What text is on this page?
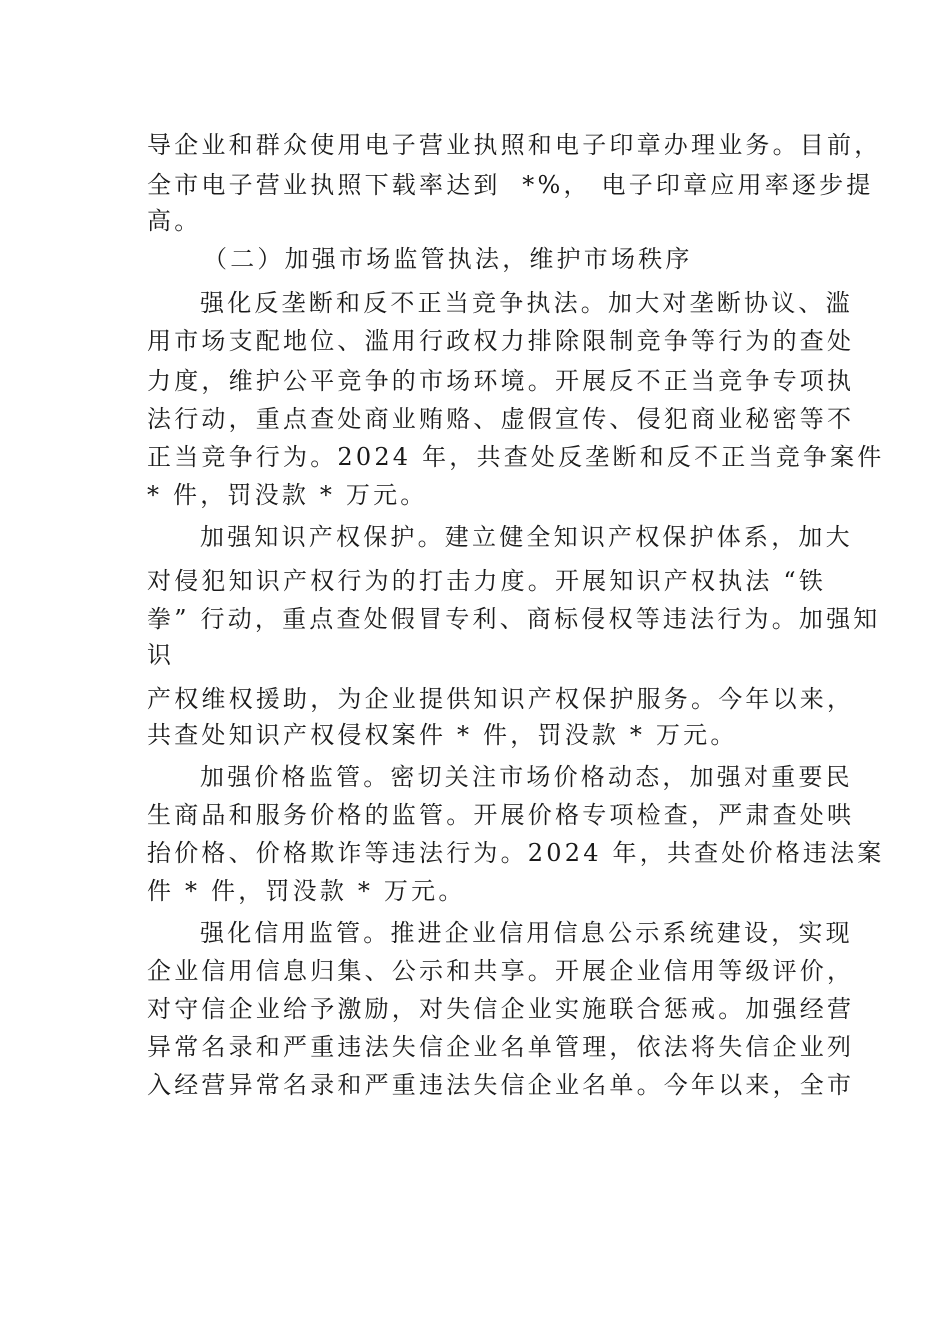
导企业和群众使用电子营业执照和电子印章办理业务。目前，
全市电子营业执照下载率达到  *%， 电子印章应用率逐步提
高。
（二）加强市场监管执法，维护市场秩序
强化反垄断和反不正当竞争执法。加大对垄断协议、滥
用市场支配地位、滥用行政权力排除限制竞争等行为的查处
力度，维护公平竞争的市场环境。开展反不正当竞争专项执
法行动，重点查处商业贿赂、虚假宣传、侵犯商业秘密等不
正当竞争行为。2024 年，共查处反垄断和反不正当竞争案件
* 件，罚没款 * 万元。
加强知识产权保护。建立健全知识产权保护体系，加大
对侵犯知识产权行为的打击力度。开展知识产权执法 “铁
拳” 行动，重点查处假冒专利、商标侵权等违法行为。加强知
识
产权维权援助，为企业提供知识产权保护服务。今年以来，
共查处知识产权侵权案件 * 件，罚没款 * 万元。
加强价格监管。密切关注市场价格动态，加强对重要民
生商品和服务价格的监管。开展价格专项检查，严肃查处哄
抬价格、价格欺诈等违法行为。2024 年，共查处价格违法案
件 * 件，罚没款 * 万元。
强化信用监管。推进企业信用信息公示系统建设，实现
企业信用信息归集、公示和共享。开展企业信用等级评价，
对守信企业给予激励，对失信企业实施联合惩戒。加强经营
异常名录和严重违法失信企业名单管理，依法将失信企业列
入经营异常名录和严重违法失信企业名单。今年以来，全市
